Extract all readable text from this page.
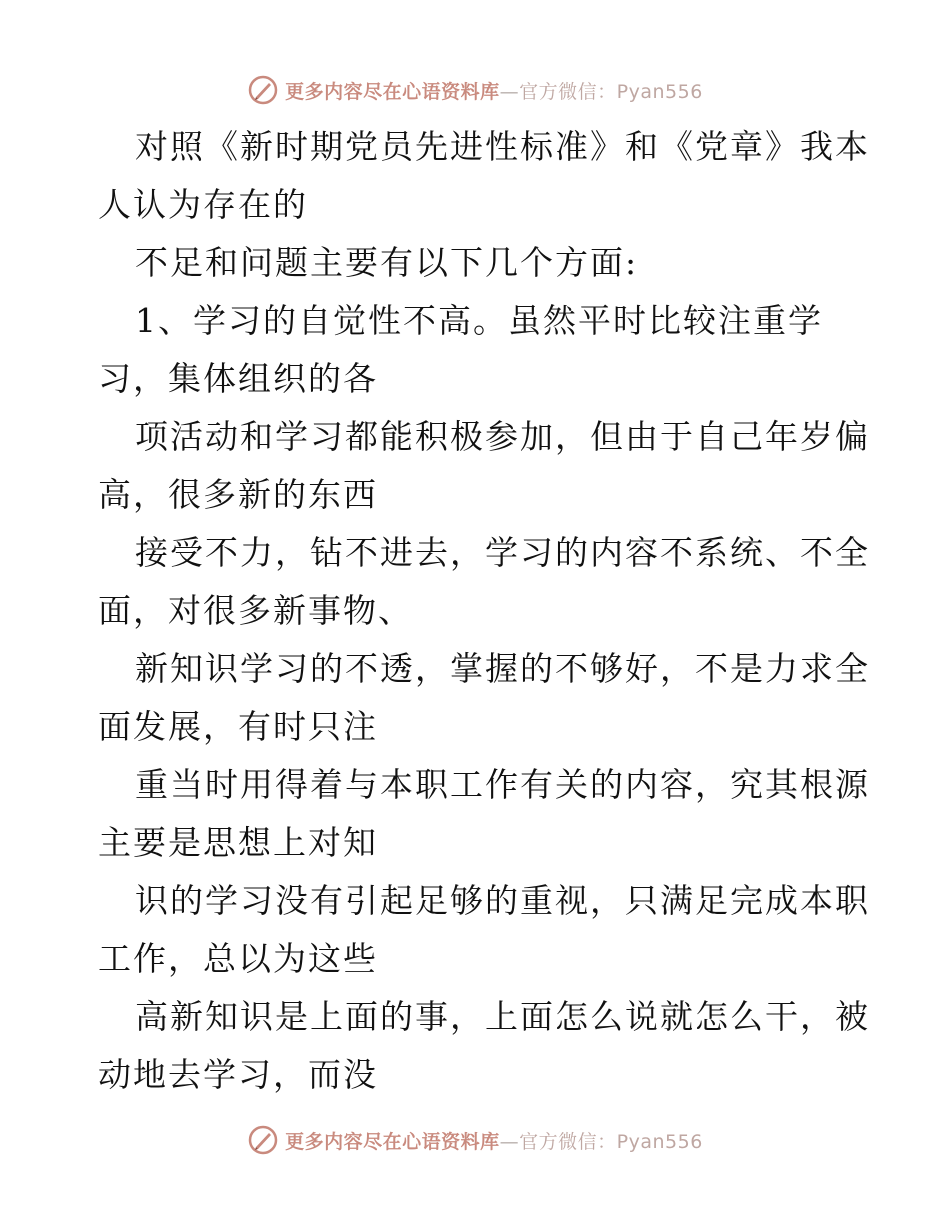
更多内容尽在心语资料库—官方微信：Pyan556
对照《新时期党员先进性标准》和《党章》我本
人认为存在的
不足和问题主要有以下几个方面:
1、学习的自觉性不高。虽然平时比较注重学
习，集体组织的各
项活动和学习都能积极参加，但由于自己年岁偏
高，很多新的东西
接受不力，钻不进去，学习的内容不系统、不全
面，对很多新事物、
新知识学习的不透，掌握的不够好，不是力求全
面发展，有时只注
重当时用得着与本职工作有关的内容，究其根源
主要是思想上对知
识的学习没有引起足够的重视，只满足完成本职
工作，总以为这些
高新知识是上面的事，上面怎么说就怎么干，被
动地去学习，而没
更多内容尽在心语资料库—官方微信：Pyan556
